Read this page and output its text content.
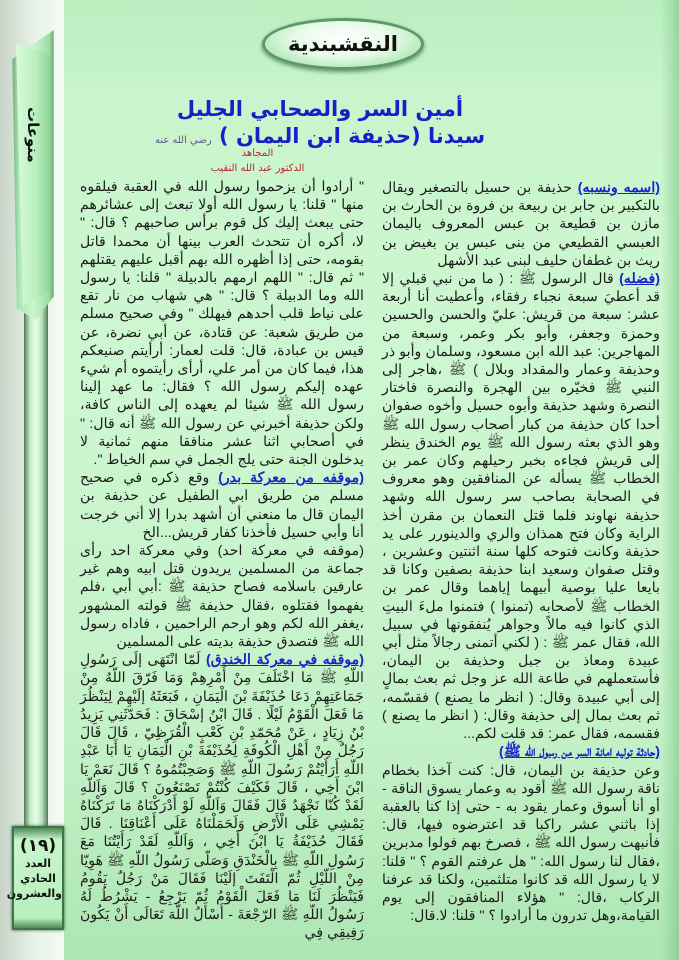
منوعات
(١٩)
العدد
الحادي
والعشرون
النقشبندية
أمين السر والصحابي الجليل
سيدنا (حذيفة ابن اليمان ) رضي الله عنه
المجاهد
الدكتور عبد الله النقيب

(اسمه ونسبه) حذيفة بن حسيل بالتصغير ويقال بالتكبير بن جابر بن ربيعة بن فروة بن الحارث بن مازن بن قطيعة بن عبس المعروف باليمان العبسي القطيعي من بنى عبس بن بغيض بن ريث بن غطفان حليف لبنى عبد الأشهل

(فضله) قال الرسول ﷺ : ( ما من نبي قبلي إلا قد أعطيَ سبعة نجباء رفقاء، وأعطيت أنا أربعة عشر: سبعة من قريش: عليّ والحسن والحسين وحمزة وجعفر، وأبو بكر وعمر، وسبعة من المهاجرين: عبد الله ابن مسعود، وسلمان وأبو ذر وحذيفة وعمار والمقداد وبلال ) ﷺ ،هاجر إلى النبي ﷺ فخيّره بين الهجرة والنصرة فاختار النصرة وشهد حذيفة وأبوه حسيل وأخوه صفوان أحدا كان حذيفة من كبار أصحاب رسول الله ﷺ وهو الذي بعثه رسول الله ﷺ يوم الخندق ينظر إلى قريش فجاءه بخبر رحيلهم وكان عمر بن الخطاب ﷺ يسأله عن المنافقين وهو معروف في الصحابة بصاحب سر رسول الله وشهد حذيفة نهاوند فلما قتل النعمان بن مقرن أخذ الراية وكان فتح همذان والري والدينورر على يد حذيفة وكانت فتوحه كلها سنة اثنتين وعشرين ، وقتل صفوان وسعيد ابنا حذيفة بصفين وكانا قد بايعا عليا بوصية أبيهما إياهما وقال عمر بن الخطاب ﷺ لأصحابه (تمنوا ) فتمنوا ملءَ البيتِ الذي كانوا فيه مالاً وجواهر يُنفقونها في سبيل الله، فقال عمر ﷺ : ( لكني أتمنى رجالاً مثل أبي عبيدة ومعاذ بن جبل وحذيفة بن اليمان، فأستعملهم في طاعة الله عز وجل ثم بعث بمالٍ إلى أبي عبيدة وقال: ( انظر ما يصنع ) فقسّمه، ثم بعث بمال إلى حذيفة وقال: ( انظر ما يصنع ) فقسمه، فقال عمر: قد قلت لكم...

(حادثة توليه امانة السر من رسول الله ﷺ)
وعن حذيفة بن اليمان، قال: كنت آخذا بخطام ناقة رسول الله ﷺ أقود به وعمار يسوق الناقة - أو أنا أسوق وعمار يقود به - حتى إذا كنا بالعقبة إذا باثني عشر راكبا قد اعترضوه فيها، قال: فأنبهت رسول الله ﷺ ، فصرخ بهم فولوا مدبرين ،فقال لنا رسول الله: " هل عرفتم القوم ؟ " قلنا: لا يا رسول الله قد كانوا متلثمين، ولكنا قد عرفنا الركاب ،قال: " هؤلاء المنافقون إلى يوم القيامة،وهل تدرون ما أرادوا ؟ " قلنا: لا.قال:

" أرادوا أن يزحموا رسول الله في العقبة فيلقوه منها " قلنا: يا رسول الله أولا تبعث إلى عشائرهم حتى يبعث إليك كل قوم برأس صاحبهم ؟ قال: " لا، أكره أن تتحدث العرب بينها أن محمدا قاتل بقومه، حتى إذا أظهره الله بهم أقبل عليهم يقتلهم " ثم قال: " اللهم ارمهم بالدبيلة " قلنا: يا رسول الله وما الدبيلة ؟ قال: " هي شهاب من نار تقع على نياط قلب أحدهم فيهلك " وفي صحيح مسلم من طريق شعبة: عن قتادة، عن أبي نضرة، عن قيس بن عبادة، قال: قلت لعمار: أرأيتم صنيعكم هذا، فيما كان من أمر علي، أرأى رأيتموه أم شيء عهده إليكم رسول الله ؟ فقال: ما عهد إلينا رسول الله ﷺ شيئا لم يعهده إلى الناس كافة، ولكن حذيفة أخبرني عن رسول الله ﷺ أنه قال: " في أصحابي اثنا عشر منافقا منهم ثمانية لا يدخلون الجنة حتى يلج الجمل في سم الخياط ".

(موقفه من معركة بدر) وقع ذكره في صحيح مسلم من طريق ابي الطفيل عن حذيفة بن اليمان قال ما منعني أن أشهد بدرا إلا أني خرجت أنا وأبي حسيل فأخذنا كفار قريش...الخ

(موقفه في معركة احد) وفي معركة احد رأى جماعة من المسلمين يريدون قتل ابيه وهم غير عارفين باسلامه فصاح حذيفة ﷺ :أبي أبي ،فلم يفهموا فقتلوه ،فقال حذيفة ﷺ قولته المشهور ،يغفر الله لكم وهو ارحم الراحمين ، فاداه رسول الله ﷺ فتصدق حذيفة بديته على المسلمين

(موقفه في معركة الخندق) لَمّا انْتَهَى إلَى رَسُولِ اللّهِ ﷺ مَا اخْتَلَفَ مِنْ أَمْرِهِمْ وَمَا فَرّقَ اللّهُ مِنْ جَمَاعَتِهِمْ دَعَا حُذَيْفَةَ بْنَ الْيَمَانِ ، فَبَعَثَهُ إلَيْهِمْ لِيَنْظُرَ مَا فَعَلَ الْقَوْمُ لَيْلًا . قَالَ ابْنُ إسْحَاقَ : فَحَدّثَنِي يَزِيدُ بْنُ زِيَادٍ ، عَنْ مُحَمّدِ بْنِ كَعْبٍ الْقُرَظِيّ ، قَالَ قَالَ رَجُلٌ مِنْ أَهْلِ الْكُوفَةِ لِحُذَيْفَةَ بْنِ الْيَمَانِ يَا أَبَا عَبْدِ اللّهِ أَرَأَيْتُمْ رَسُولَ اللّهِ ﷺ وَصَحِبْتُمُوهُ ؟ قَالَ نَعَمْ يَا ابْنَ أَخِي ، قَالَ فَكَيْفَ كُنْتُمْ تَصْنَعُونَ ؟ قَالَ وَاَللّهِ لَقَدْ كُنّا نَجْهَدُ قَالَ فَقَالَ وَاَللّهِ لَوْ أَدْرَكْنَاهُ مَا تَرَكْنَاهُ يَمْشِي عَلَى الْأَرْضِ وَلَحَمَلْنَاهُ عَلَى أَعْنَاقِنَا . قَالَ فَقَالَ حُذَيْفَةُ يَا ابْنَ أَخِي ، وَاَللّهِ لَقَدْ رَأَيْتُنَا مَعَ رَسُولِ اللّهِ ﷺ بِالْخَنْدَقِ وَصَلّى رَسُولُ اللّهِ ﷺ هَوِيّا مِنْ اللّيْلِ ثُمّ الْتَفَتَ إلَيْنَا فَقَالَ مَنْ رَجُلٌ يَقُومُ فَيَنْظُرَ لَنَا مَا فَعَلَ الْقَوْمُ ثُمّ يَرْجِعُ - يَشْرُطُ لَهُ رَسُولُ اللّهِ ﷺ الرّجْعَةَ - أَسْأَلُ اللّهَ تَعَالَى أَنْ يَكُونَ رَفِيقِي فِي
